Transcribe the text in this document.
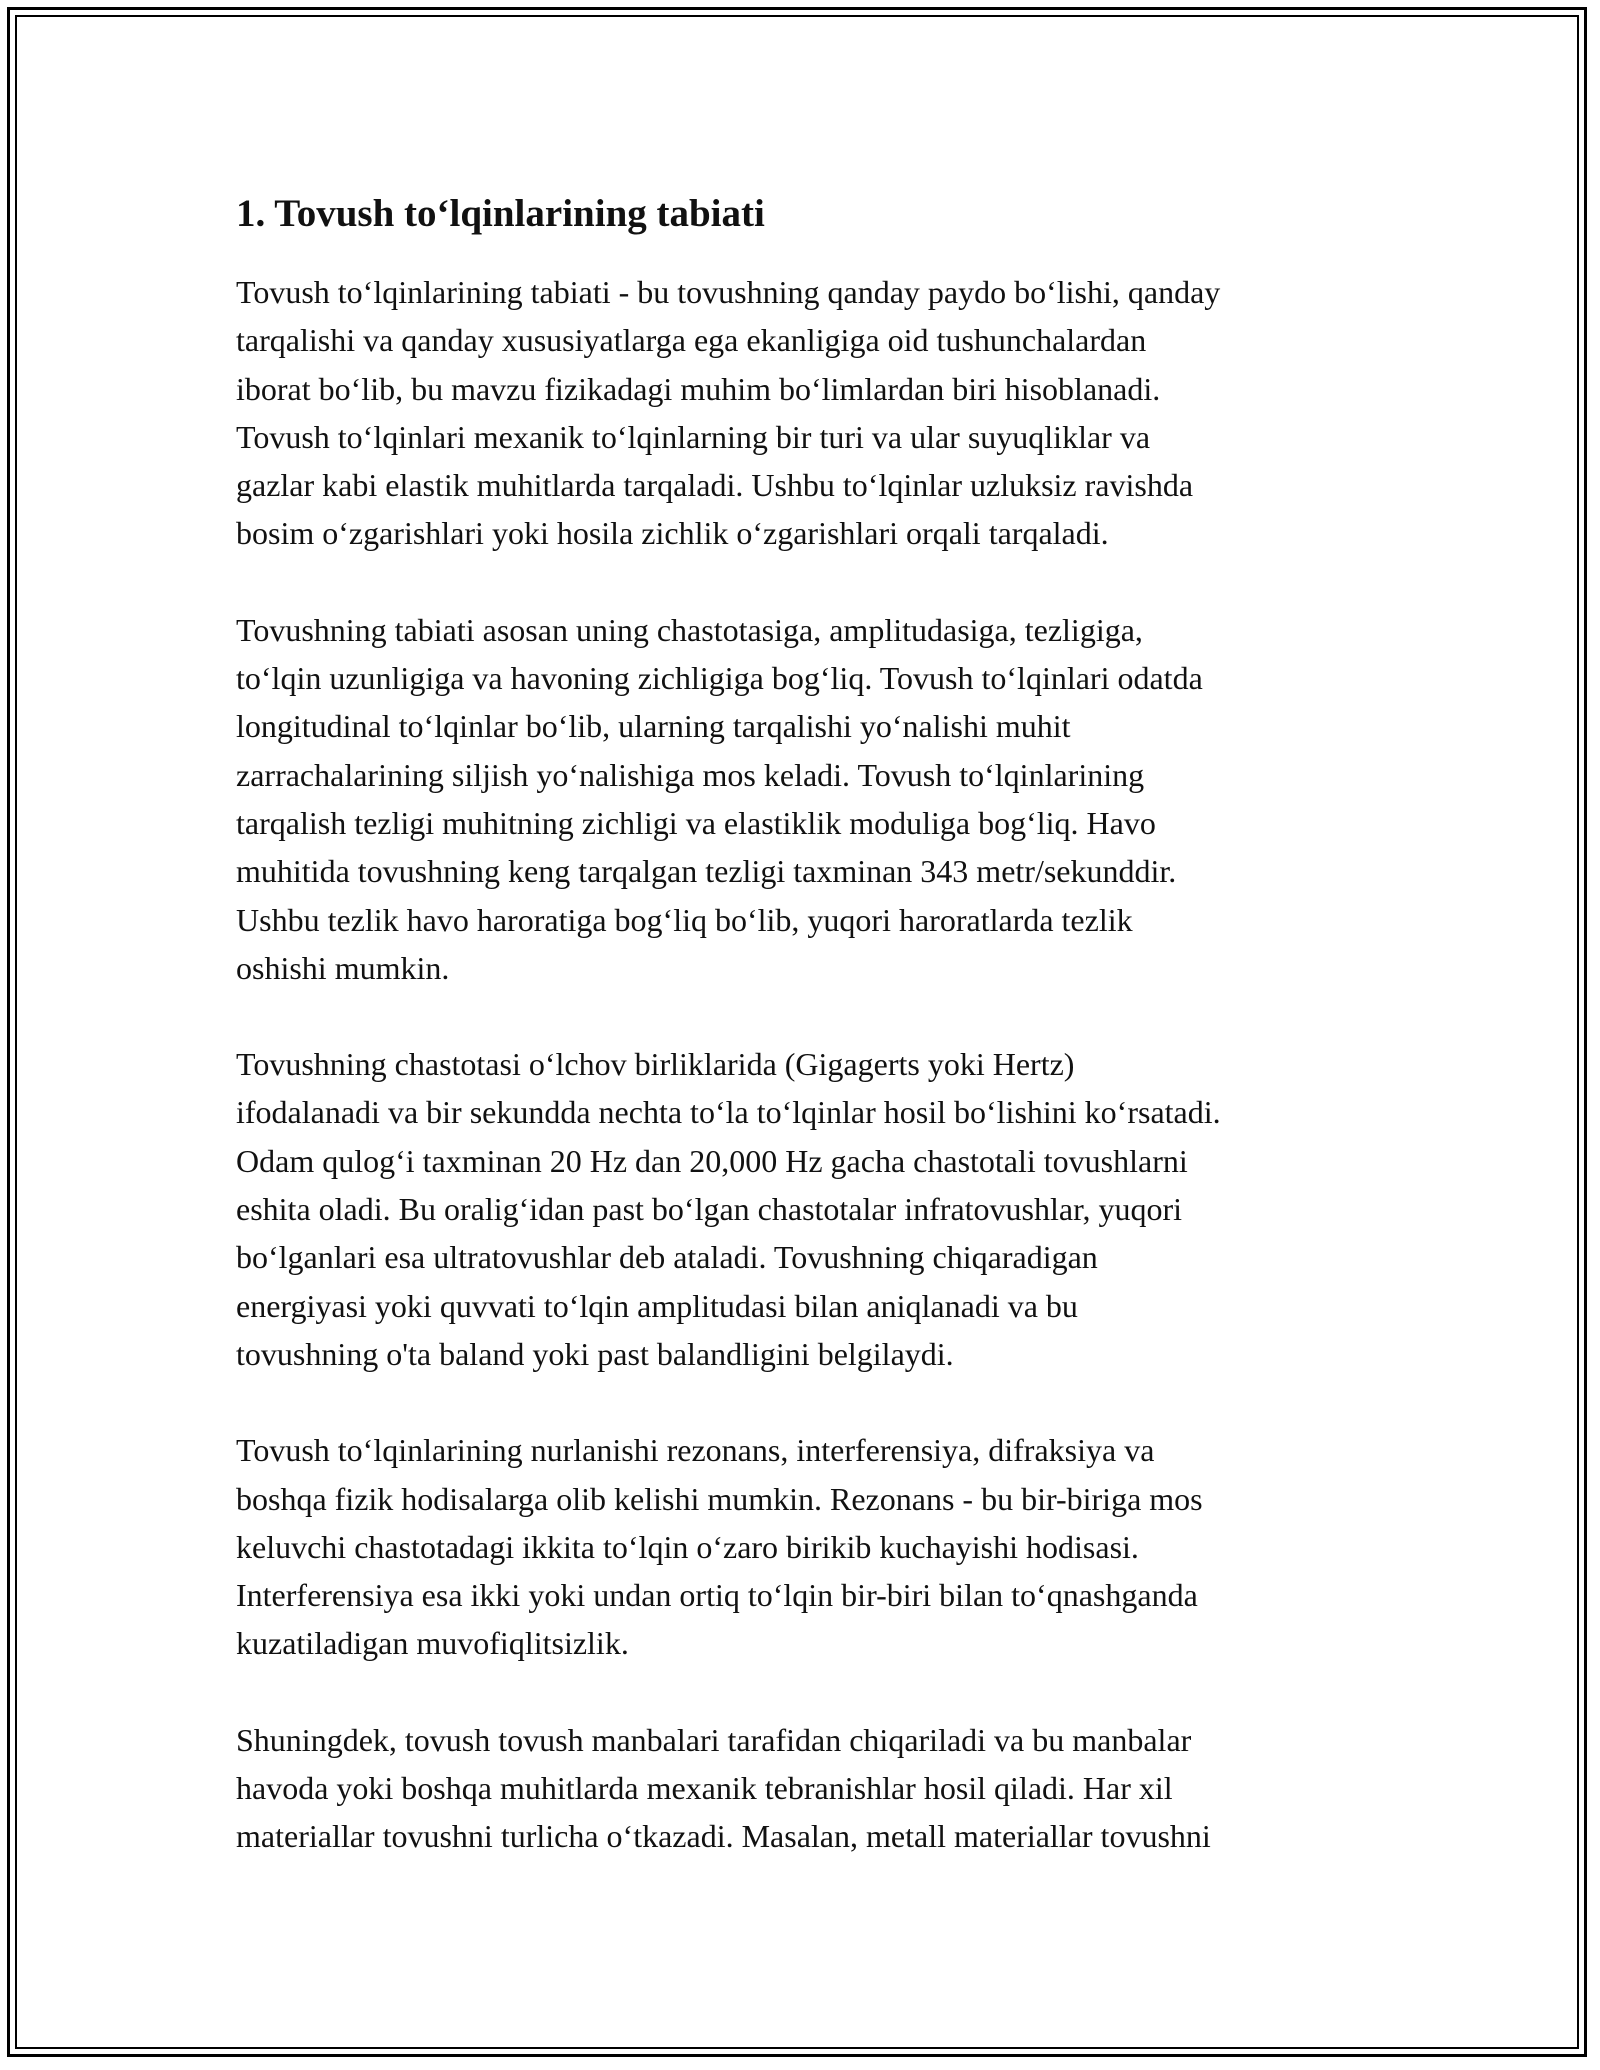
1. Tovush to‘lqinlarining tabiati

Tovush to‘lqinlarining tabiati - bu tovushning qanday paydo bo‘lishi, qanday
tarqalishi va qanday xususiyatlarga ega ekanligiga oid tushunchalardan
iborat bo‘lib, bu mavzu fizikadagi muhim bo‘limlardan biri hisoblanadi.
Tovush to‘lqinlari mexanik to‘lqinlarning bir turi va ular suyuqliklar va
gazlar kabi elastik muhitlarda tarqaladi. Ushbu to‘lqinlar uzluksiz ravishda
bosim o‘zgarishlari yoki hosila zichlik o‘zgarishlari orqali tarqaladi.

Tovushning tabiati asosan uning chastotasiga, amplitudasiga, tezligiga,
to‘lqin uzunligiga va havoning zichligiga bog‘liq. Tovush to‘lqinlari odatda
longitudinal to‘lqinlar bo‘lib, ularning tarqalishi yo‘nalishi muhit
zarrachalarining siljish yo‘nalishiga mos keladi. Tovush to‘lqinlarining
tarqalish tezligi muhitning zichligi va elastiklik moduliga bog‘liq. Havo
muhitida tovushning keng tarqalgan tezligi taxminan 343 metr/sekunddir.
Ushbu tezlik havo haroratiga bog‘liq bo‘lib, yuqori haroratlarda tezlik
oshishi mumkin.

Tovushning chastotasi o‘lchov birliklarida (Gigagerts yoki Hertz)
ifodalanadi va bir sekundda nechta to‘la to‘lqinlar hosil bo‘lishini ko‘rsatadi.
Odam qulog‘i taxminan 20 Hz dan 20,000 Hz gacha chastotali tovushlarni
eshita oladi. Bu oralig‘idan past bo‘lgan chastotalar infratovushlar, yuqori
bo‘lganlari esa ultratovushlar deb ataladi. Tovushning chiqaradigan
energiyasi yoki quvvati to‘lqin amplitudasi bilan aniqlanadi va bu
tovushning o'ta baland yoki past balandligini belgilaydi.

Tovush to‘lqinlarining nurlanishi rezonans, interferensiya, difraksiya va
boshqa fizik hodisalarga olib kelishi mumkin. Rezonans - bu bir-biriga mos
keluvchi chastotadagi ikkita to‘lqin o‘zaro birikib kuchayishi hodisasi.
Interferensiya esa ikki yoki undan ortiq to‘lqin bir-biri bilan to‘qnashganda
kuzatiladigan muvofiqlitsizlik.

Shuningdek, tovush tovush manbalari tarafidan chiqariladi va bu manbalar
havoda yoki boshqa muhitlarda mexanik tebranishlar hosil qiladi. Har xil
materiallar tovushni turlicha o‘tkazadi. Masalan, metall materiallar tovushni
